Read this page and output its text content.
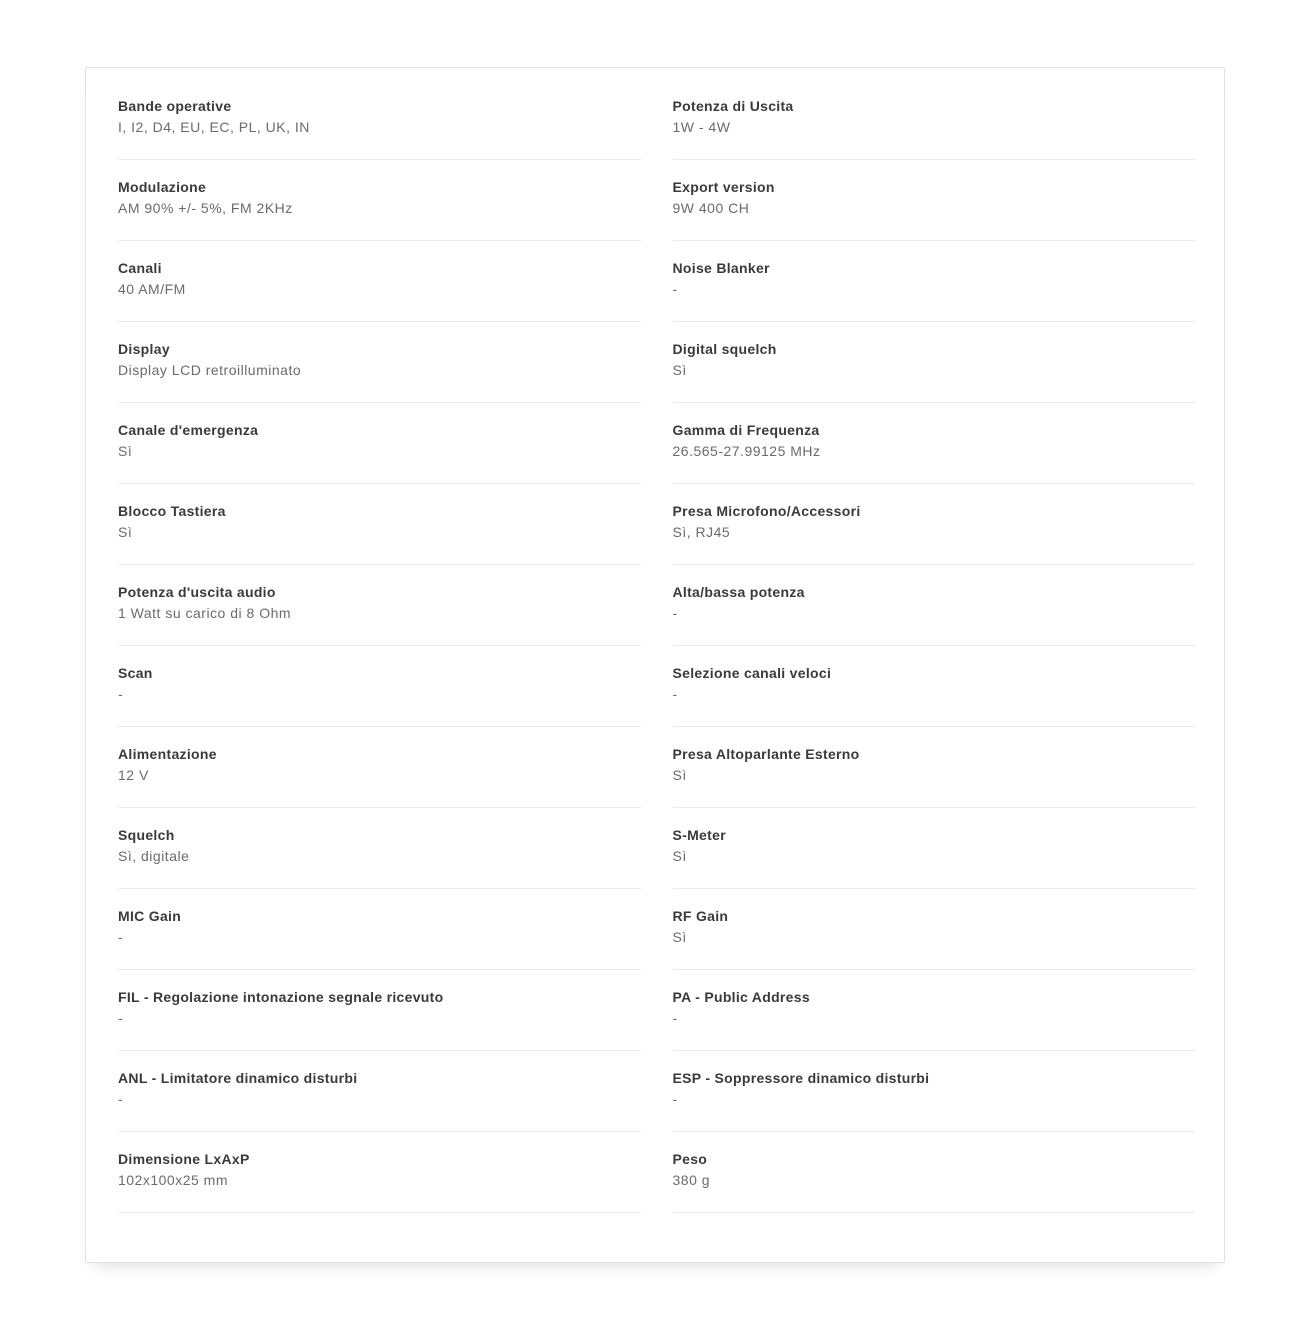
Bande operative
I, I2, D4, EU, EC, PL, UK, IN
Modulazione
AM 90% +/- 5%, FM 2KHz
Canali
40 AM/FM
Display
Display LCD retroilluminato
Canale d'emergenza
Sì
Blocco Tastiera
Sì
Potenza d'uscita audio
1 Watt su carico di 8 Ohm
Scan
-
Alimentazione
12 V
Squelch
Sì, digitale
MIC Gain
-
FIL - Regolazione intonazione segnale ricevuto
-
ANL - Limitatore dinamico disturbi
-
Dimensione LxAxP
102x100x25 mm
Potenza di Uscita
1W - 4W
Export version
9W 400 CH
Noise Blanker
-
Digital squelch
Sì
Gamma di Frequenza
26.565-27.99125 MHz
Presa Microfono/Accessori
Sì, RJ45
Alta/bassa potenza
-
Selezione canali veloci
-
Presa Altoparlante Esterno
Sì
S-Meter
Sì
RF Gain
Sì
PA - Public Address
-
ESP - Soppressore dinamico disturbi
-
Peso
380 g
